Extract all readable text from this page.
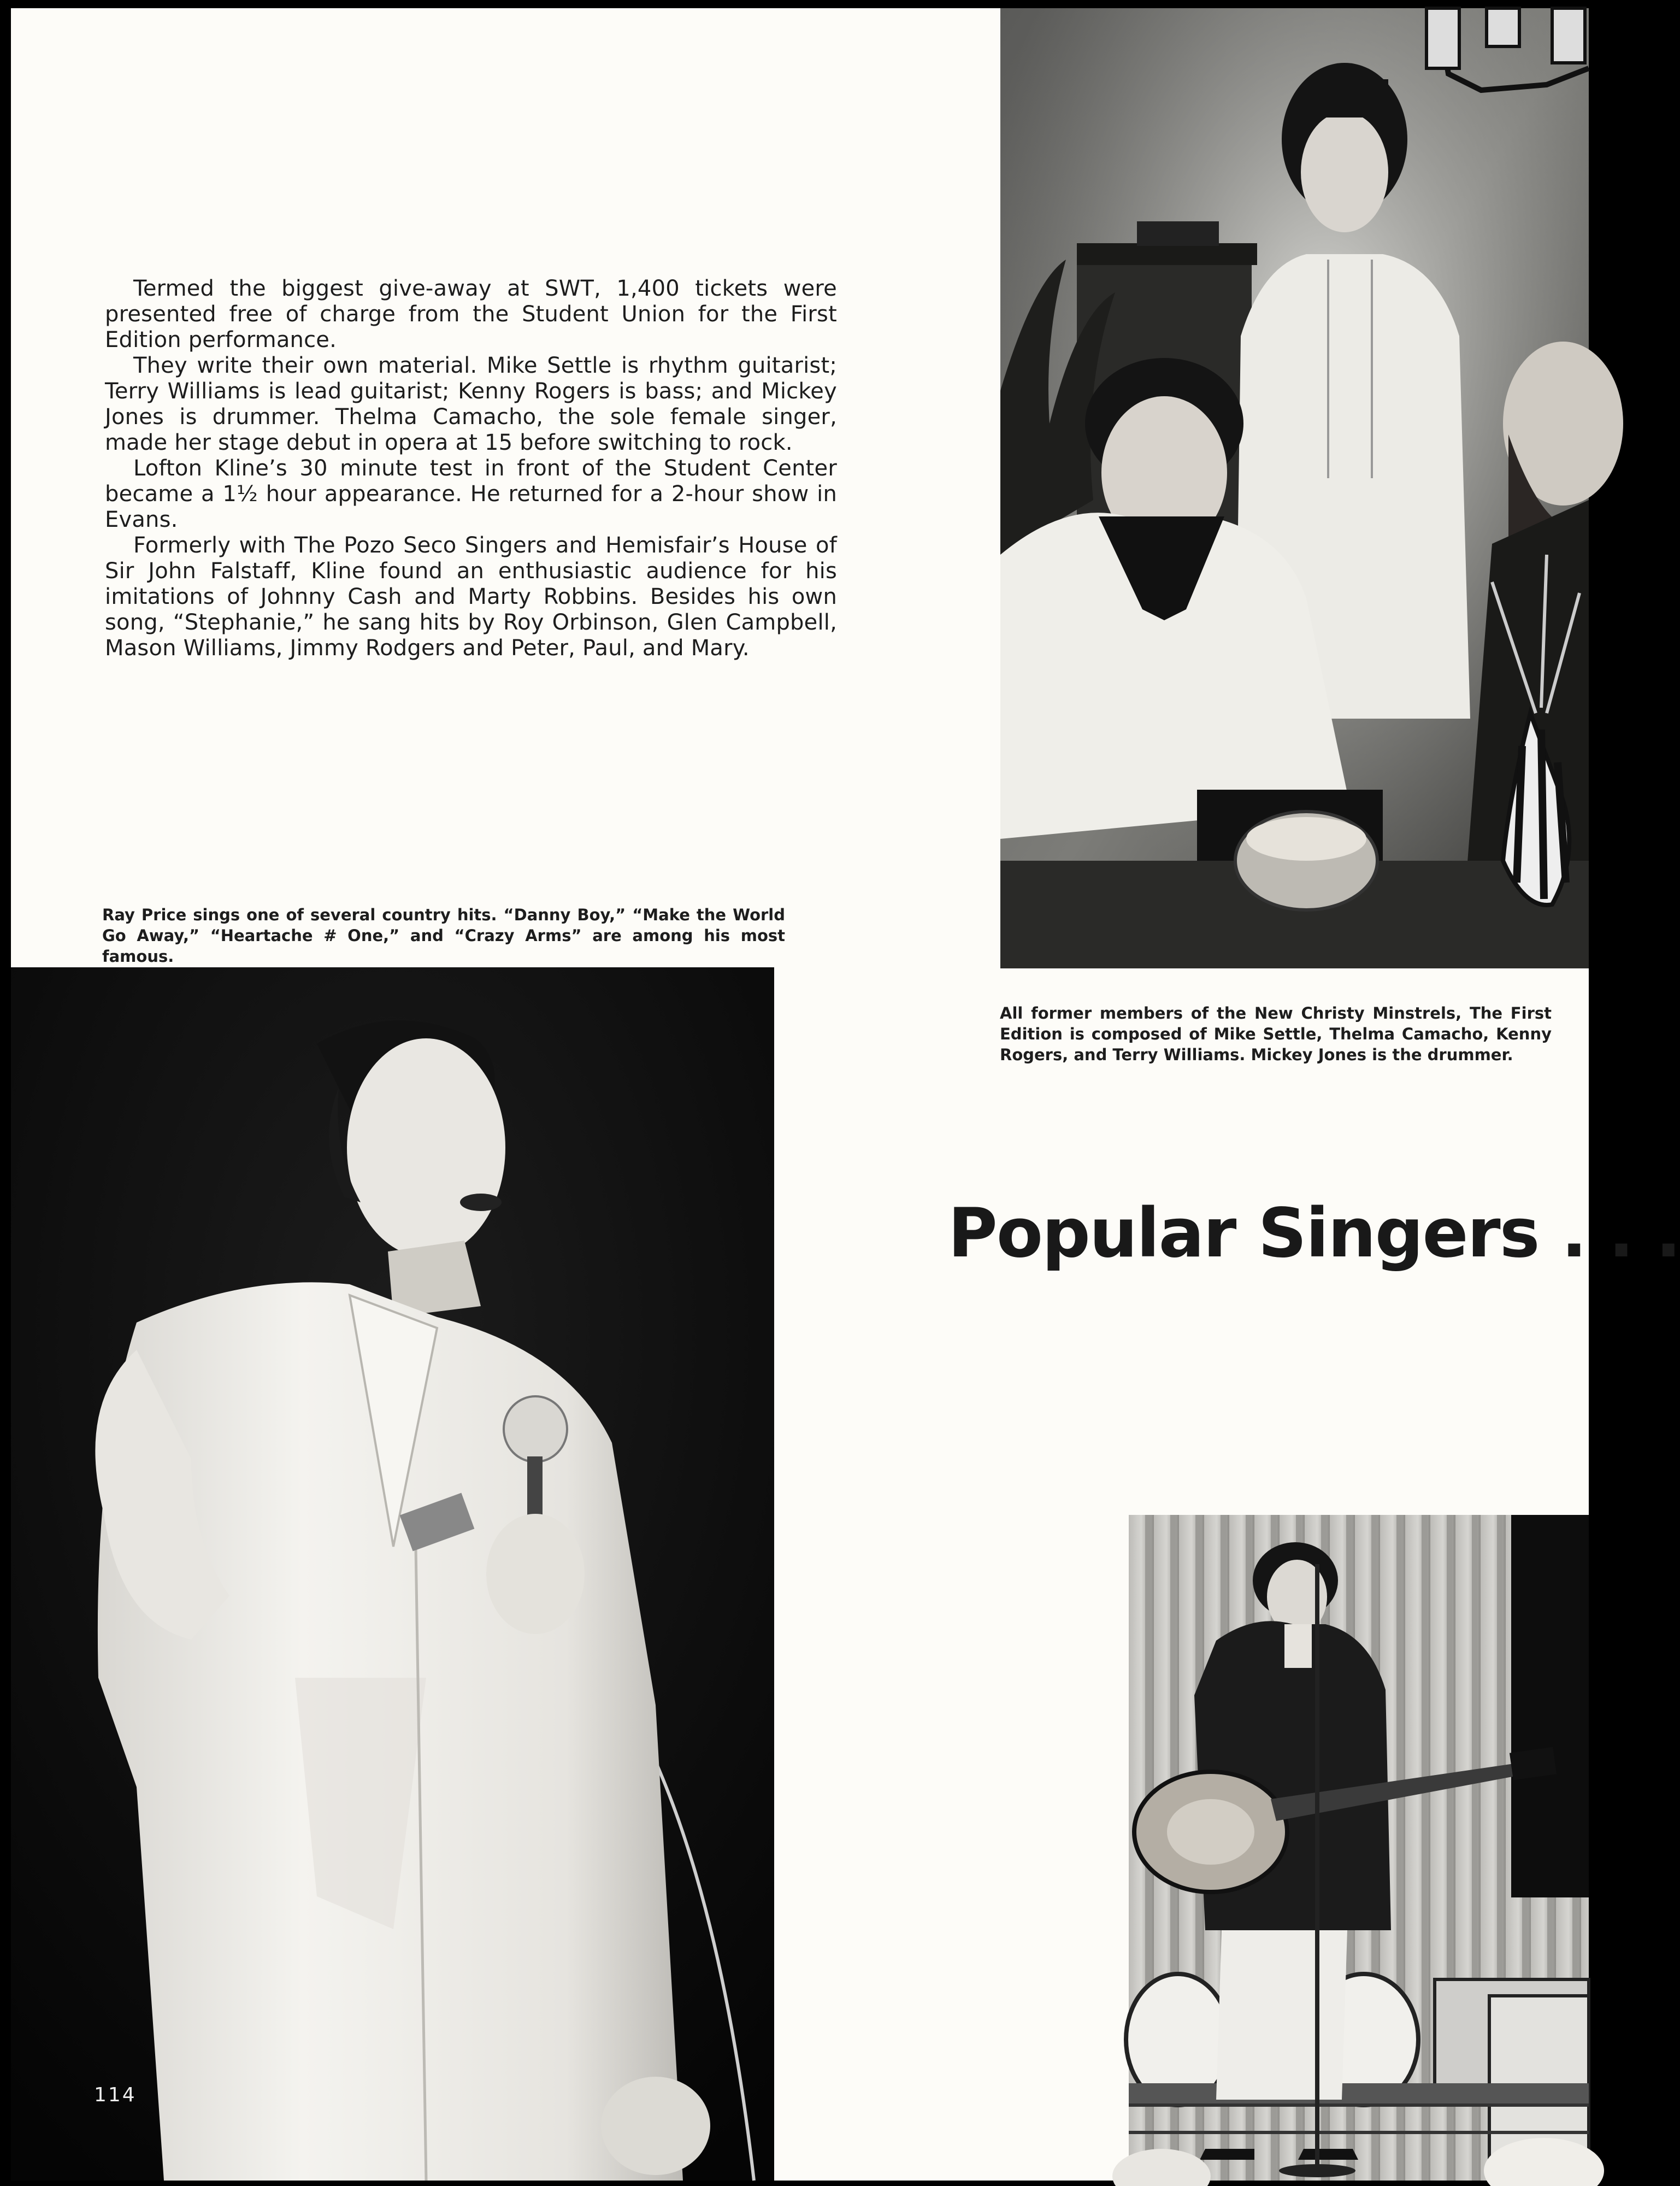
Termed the biggest give-away at SWT, 1,400 tickets were presented free of charge from the Student Union for the First Edition performance.

They write their own material. Mike Settle is rhythm guitarist; Terry Williams is lead guitarist; Kenny Rogers is bass; and Mickey Jones is drummer. Thelma Camacho, the sole female singer, made her stage debut in opera at 15 before switching to rock.

Lofton Kline’s 30 minute test in front of the Student Center became a 1½ hour appearance. He returned for a 2-hour show in Evans.

Formerly with The Pozo Seco Singers and Hemisfair’s House of Sir John Falstaff, Kline found an enthusiastic audience for his imitations of Johnny Cash and Marty Robbins. Besides his own song, “Stephanie,” he sang hits by Roy Orbinson, Glen Campbell, Mason Williams, Jimmy Rodgers and Peter, Paul, and Mary.

Ray Price sings one of several country hits. “Danny Boy,” “Make the World Go Away,” “Heartache # One,” and “Crazy Arms” are among his most famous.
All former members of the New Christy Minstrels, The First Edition is composed of Mike Settle, Thelma Camacho, Kenny Rogers, and Terry Williams. Mickey Jones is the drummer.
Popular Singers . . .
114
